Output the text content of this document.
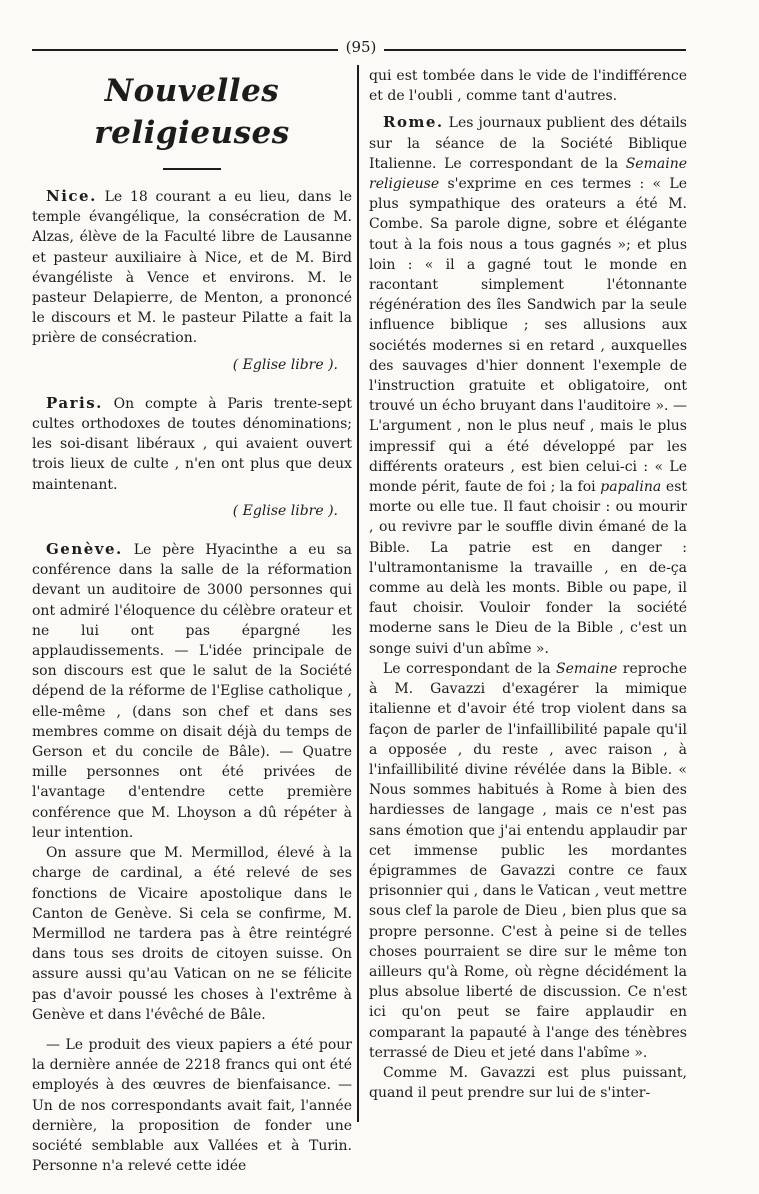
(95)
Nouvelles religieuses

Nice. Le 18 courant a eu lieu, dans le temple évangélique, la consécration de M. Alzas, élève de la Faculté libre de Lausanne et pasteur auxiliaire à Nice, et de M. Bird évangéliste à Vence et environs. M. le pasteur Delapierre, de Menton, a prononcé le discours et M. le pasteur Pilatte a fait la prière de consécration.

( Eglise libre ).

Paris. On compte à Paris trente-sept cultes orthodoxes de toutes dénominations; les soi-disant libéraux , qui avaient ouvert trois lieux de culte , n'en ont plus que deux maintenant.

( Eglise libre ).

Genève. Le père Hyacinthe a eu sa conférence dans la salle de la réformation devant un auditoire de 3000 personnes qui ont admiré l'éloquence du célèbre orateur et ne lui ont pas épargné les applaudissements. — L'idée principale de son discours est que le salut de la Société dépend de la réforme de l'Eglise catholique , elle-même , (dans son chef et dans ses membres comme on disait déjà du temps de Gerson et du concile de Bâle). — Quatre mille personnes ont été privées de l'avantage d'entendre cette première conférence que M. Lhoyson a dû répéter à leur intention.

On assure que M. Mermillod, élevé à la charge de cardinal, a été relevé de ses fonctions de Vicaire apostolique dans le Canton de Genève. Si cela se confirme, M. Mermillod ne tardera pas à être reintégré dans tous ses droits de citoyen suisse. On assure aussi qu'au Vatican on ne se félicite pas d'avoir poussé les choses à l'extrême à Genève et dans l'évêché de Bâle.

— Le produit des vieux papiers a été pour la dernière année de 2218 francs qui ont été employés à des œuvres de bienfaisance. — Un de nos correspondants avait fait, l'année dernière, la proposition de fonder une société semblable aux Vallées et à Turin. Personne n'a relevé cette idée

qui est tombée dans le vide de l'indifférence et de l'oubli , comme tant d'autres.

Rome. Les journaux publient des détails sur la séance de la Société Biblique Italienne. Le correspondant de la Semaine religieuse s'exprime en ces termes : « Le plus sympathique des orateurs a été M. Combe. Sa parole digne, sobre et élégante tout à la fois nous a tous gagnés »; et plus loin : « il a gagné tout le monde en racontant simplement l'étonnante régénération des îles Sandwich par la seule influence biblique ; ses allusions aux sociétés modernes si en retard , auxquelles des sauvages d'hier donnent l'exemple de l'instruction gratuite et obligatoire, ont trouvé un écho bruyant dans l'auditoire ». — L'argument , non le plus neuf , mais le plus impressif qui a été développé par les différents orateurs , est bien celui-ci : « Le monde périt, faute de foi ; la foi papalina est morte ou elle tue. Il faut choisir : ou mourir , ou revivre par le souffle divin émané de la Bible. La patrie est en danger : l'ultramontanisme la travaille , en de-ça comme au delà les monts. Bible ou pape, il faut choisir. Vouloir fonder la société moderne sans le Dieu de la Bible , c'est un songe suivi d'un abîme ».

Le correspondant de la Semaine reproche à M. Gavazzi d'exagérer la mimique italienne et d'avoir été trop violent dans sa façon de parler de l'infaillibilité papale qu'il a opposée , du reste , avec raison , à l'infaillibilité divine révélée dans la Bible. « Nous sommes habitués à Rome à bien des hardiesses de langage , mais ce n'est pas sans émotion que j'ai entendu applaudir par cet immense public les mordantes épigrammes de Gavazzi contre ce faux prisonnier qui , dans le Vatican , veut mettre sous clef la parole de Dieu , bien plus que sa propre personne. C'est à peine si de telles choses pourraient se dire sur le même ton ailleurs qu'à Rome, où règne décidément la plus absolue liberté de discussion. Ce n'est ici qu'on peut se faire applaudir en comparant la papauté à l'ange des ténèbres terrassé de Dieu et jeté dans l'abîme ».

Comme M. Gavazzi est plus puissant, quand il peut prendre sur lui de s'inter-
